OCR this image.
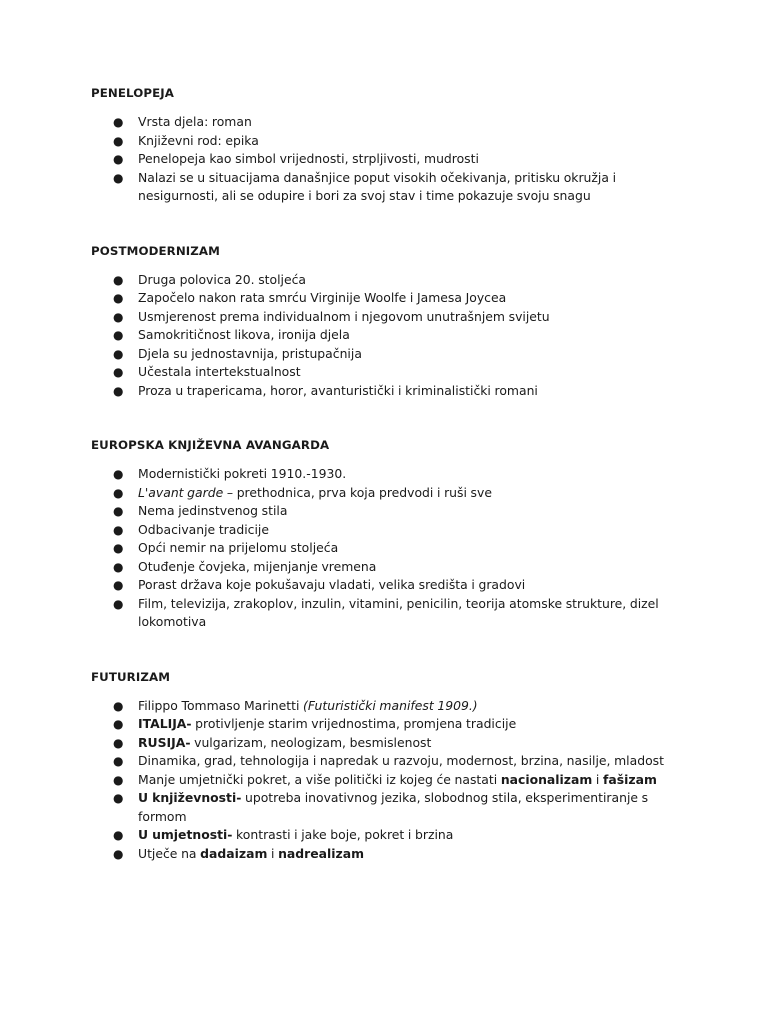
PENELOPEJA
● Vrsta djela: roman
● Književni rod: epika
● Penelopeja kao simbol vrijednosti, strpljivosti, mudrosti
● Nalazi se u situacijama današnjice poput visokih očekivanja, pritisku okružja i nesigurnosti, ali se odupire i bori za svoj stav i time pokazuje svoju snagu
POSTMODERNIZAM
● Druga polovica 20. stoljeća
● Započelo nakon rata smrću Virginije Woolfe i Jamesa Joycea
● Usmjerenost prema individualnom i njegovom unutrašnjem svijetu
● Samokritičnost likova, ironija djela
● Djela su jednostavnija, pristupačnija
● Učestala intertekstualnost
● Proza u trapericama, horor, avanturistički i kriminalistički romani
EUROPSKA KNJIŽEVNA AVANGARDA
● Modernistički pokreti 1910.-1930.
● L'avant garde – prethodnica, prva koja predvodi i ruši sve
● Nema jedinstvenog stila
● Odbacivanje tradicije
● Opći nemir na prijelomu stoljeća
● Otuđenje čovjeka, mijenjanje vremena
● Porast država koje pokušavaju vladati, velika središta i gradovi
● Film, televizija, zrakoplov, inzulin, vitamini, penicilin, teorija atomske strukture, dizel lokomotiva
FUTURIZAM
● Filippo Tommaso Marinetti (Futuristički manifest 1909.)
● ITALIJA- protivljenje starim vrijednostima, promjena tradicije
● RUSIJA- vulgarizam, neologizam, besmislenost
● Dinamika, grad, tehnologija i napredak u razvoju, modernost, brzina, nasilje, mladost
● Manje umjetnički pokret, a više politički iz kojeg će nastati nacionalizam i fašizam
● U književnosti- upotreba inovativnog jezika, slobodnog stila, eksperimentiranje s formom
● U umjetnosti- kontrasti i jake boje, pokret i brzina
● Utječe na dadaizam i nadrealizam
